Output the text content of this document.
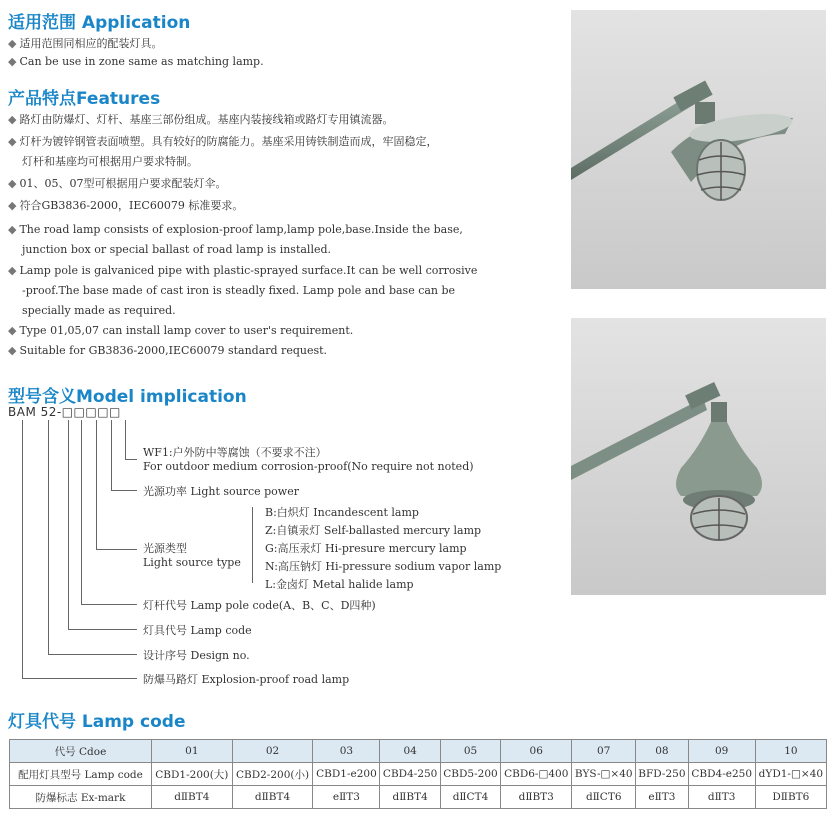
适用范围 Application
◆ 适用范围同相应的配装灯具。
◆ Can be use in zone same as matching lamp.
产品特点Features
◆ 路灯由防爆灯、灯杆、基座三部份组成。基座内装接线箱或路灯专用镇流器。
◆ 灯杆为镀锌钢管表面喷塑。具有较好的防腐能力。基座采用铸铁制造而成，牢固稳定，
灯杆和基座均可根据用户要求特制。
◆ 01、05、07型可根据用户要求配装灯伞。
◆ 符合GB3836-2000，IEC60079 标准要求。
◆ The road lamp consists of explosion-proof lamp,lamp pole,base.Inside the base,
junction box or special ballast of road lamp is installed.
◆ Lamp pole is galvaniced pipe with plastic-sprayed surface.It can be well corrosive
-proof.The base made of cast iron is steadly fixed. Lamp pole and base can be
specially made as required.
◆ Type 01,05,07 can install lamp cover to user's requirement.
◆ Suitable for GB3836-2000,IEC60079 standard request.
型号含义Model implication
BAM 52-□□□□□
WF1:户外防中等腐蚀（不要求不注）
For outdoor medium corrosion-proof(No require not noted)
光源功率 Light source power
光源类型
Light source type
B:白炽灯 Incandescent lamp
Z:自镇汞灯 Self-ballasted mercury lamp
G:高压汞灯 Hi-presure mercury lamp
N:高压钠灯 Hi-pressure sodium vapor lamp
L:金卤灯 Metal halide lamp
灯杆代号 Lamp pole code(A、B、C、D四种)
灯具代号 Lamp code
设计序号 Design no.
防爆马路灯 Explosion-proof road lamp
灯具代号 Lamp code
代号 Cdoe	01	02	03	04	05	06	07	08	09	10
配用灯具型号 Lamp code	CBD1-200(大)	CBD2-200(小)	CBD1-e200	CBD4-250	CBD5-200	CBD6-□400	BYS-□×40	BFD-250	CBD4-e250	dYD1-□×40
防爆标志 Ex-mark	dⅡBT4	dⅡBT4	eⅡT3	dⅡBT4	dⅡCT4	dⅡBT3	dⅡCT6	eⅡT3	dⅡT3	DⅡBT6
